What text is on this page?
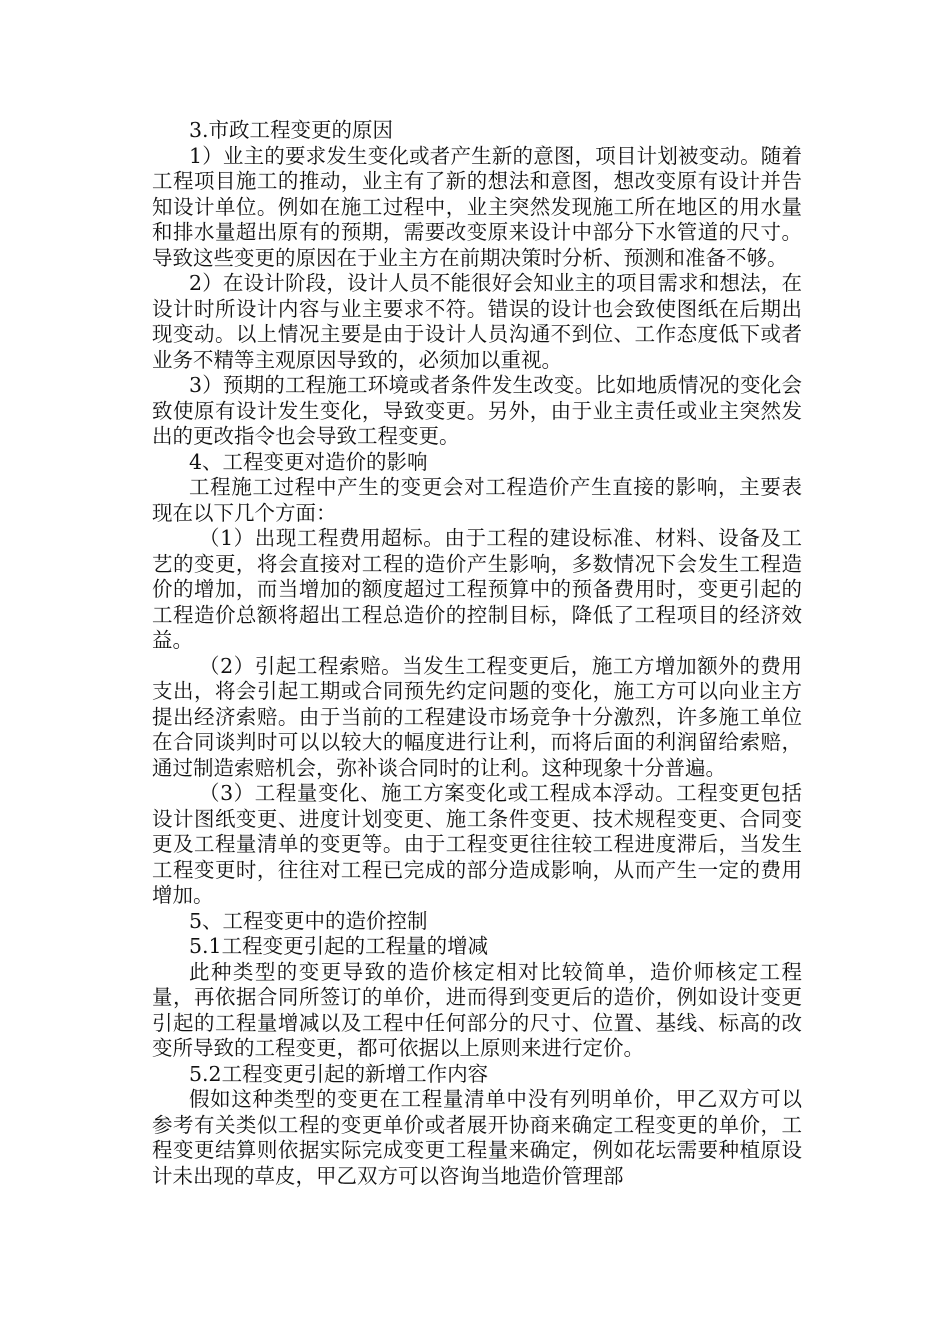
3.市政工程变更的原因

1）业主的要求发生变化或者产生新的意图，项目计划被变动。随着工程项目施工的推动，业主有了新的想法和意图，想改变原有设计并告知设计单位。例如在施工过程中，业主突然发现施工所在地区的用水量和排水量超出原有的预期，需要改变原来设计中部分下水管道的尺寸。导致这些变更的原因在于业主方在前期决策时分析、预测和准备不够。

2）在设计阶段，设计人员不能很好会知业主的项目需求和想法，在设计时所设计内容与业主要求不符。错误的设计也会致使图纸在后期出现变动。以上情况主要是由于设计人员沟通不到位、工作态度低下或者业务不精等主观原因导致的，必须加以重视。

3）预期的工程施工环境或者条件发生改变。比如地质情况的变化会致使原有设计发生变化，导致变更。另外，由于业主责任或业主突然发出的更改指令也会导致工程变更。

4、工程变更对造价的影响

工程施工过程中产生的变更会对工程造价产生直接的影响，主要表现在以下几个方面：

（1）出现工程费用超标。由于工程的建设标准、材料、设备及工艺的变更，将会直接对工程的造价产生影响，多数情况下会发生工程造价的增加，而当增加的额度超过工程预算中的预备费用时，变更引起的工程造价总额将超出工程总造价的控制目标，降低了工程项目的经济效益。

（2）引起工程索赔。当发生工程变更后，施工方增加额外的费用支出，将会引起工期或合同预先约定问题的变化，施工方可以向业主方提出经济索赔。由于当前的工程建设市场竞争十分激烈，许多施工单位在合同谈判时可以以较大的幅度进行让利，而将后面的利润留给索赔，通过制造索赔机会，弥补谈合同时的让利。这种现象十分普遍。

（3）工程量变化、施工方案变化或工程成本浮动。工程变更包括设计图纸变更、进度计划变更、施工条件变更、技术规程变更、合同变更及工程量清单的变更等。由于工程变更往往较工程进度滞后，当发生工程变更时，往往对工程已完成的部分造成影响，从而产生一定的费用增加。

5、工程变更中的造价控制

5.1工程变更引起的工程量的增减

此种类型的变更导致的造价核定相对比较简单，造价师核定工程量，再依据合同所签订的单价，进而得到变更后的造价，例如设计变更引起的工程量增减以及工程中任何部分的尺寸、位置、基线、标高的改变所导致的工程变更，都可依据以上原则来进行定价。

5.2工程变更引起的新增工作内容

假如这种类型的变更在工程量清单中没有列明单价，甲乙双方可以参考有关类似工程的变更单价或者展开协商来确定工程变更的单价，工程变更结算则依据实际完成变更工程量来确定，例如花坛需要种植原设计未出现的草皮，甲乙双方可以咨询当地造价管理部
